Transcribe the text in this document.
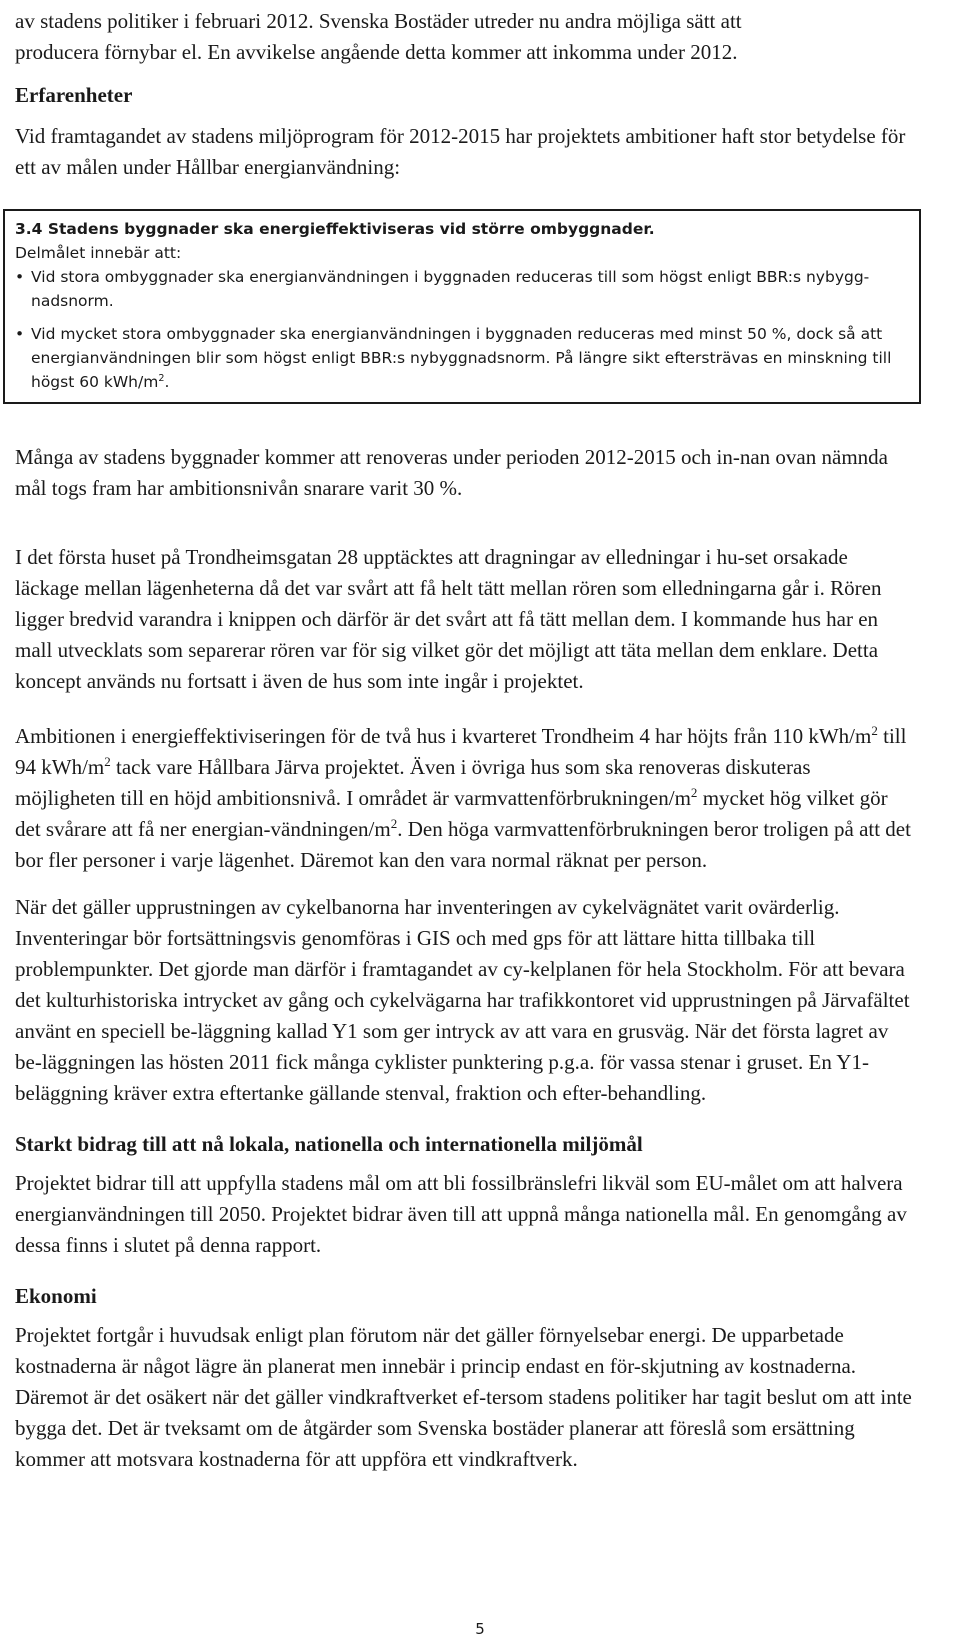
av stadens politiker i februari 2012. Svenska Bostäder utreder nu andra möjliga sätt att
producera förnybar el. En avvikelse angående detta kommer att inkomma under 2012.
Erfarenheter

Vid framtagandet av stadens miljöprogram för 2012-2015 har projektets ambitioner haft stor betydelse för ett av målen under Hållbar energianvändning:

3.4 Stadens byggnader ska energieffektiviseras vid större ombyggnader.

Delmålet innebär att:

• Vid stora ombyggnader ska energianvändningen i byggnaden reduceras till som högst enligt BBR:s nybygg-nadsnorm.

• Vid mycket stora ombyggnader ska energianvändningen i byggnaden reduceras med minst 50 %, dock så att energianvändningen blir som högst enligt BBR:s nybyggnadsnorm. På längre sikt eftersträvas en minskning till högst 60 kWh/$m^2$.

Många av stadens byggnader kommer att renoveras under perioden 2012-2015 och in-nan ovan nämnda mål togs fram har ambitionsnivån snarare varit 30 %.

I det första huset på Trondheimsgatan 28 upptäcktes att dragningar av elledningar i hu-set orsakade läckage mellan lägenheterna då det var svårt att få helt tätt mellan rören som elledningarna går i. Rören ligger bredvid varandra i knippen och därför är det svårt att få tätt mellan dem. I kommande hus har en mall utvecklats som separerar rören var för sig vilket gör det möjligt att täta mellan dem enklare. Detta koncept används nu fortsatt i även de hus som inte ingår i projektet.

Ambitionen i energieffektiviseringen för de två hus i kvarteret Trondheim 4 har höjts från 110 kWh/$m^2$ till 94 kWh/$m^2$ tack vare Hållbara Järva projektet. Även i övriga hus som ska renoveras diskuteras möjligheten till en höjd ambitionsnivå. I området är varmvattenförbrukningen/$m^2$ mycket hög vilket gör det svårare att få ner energian-$vändningen/m^2$. Den höga varmvattenförbrukningen beror troligen på att det bor fler personer i varje lägenhet. Däremot kan den vara normal räknat per person.

När det gäller upprustningen av cykelbanorna har inventeringen av cykelvägnätet varit ovärderlig. Inventeringar bör fortsättningsvis genomföras i GIS och med gps för att lättare hitta tillbaka till problempunkter. Det gjorde man därför i framtagandet av cy-kelplanen för hela Stockholm. För att bevara det kulturhistoriska intrycket av gång och cykelvägarna har trafikkontoret vid upprustningen på Järvafältet använt en speciell be-läggning kallad Y1 som ger intryck av att vara en grusväg. När det första lagret av be-läggningen las hösten 2011 fick många cyklister punktering p.g.a. för vassa stenar i gruset. En Y1-beläggning kräver extra eftertanke gällande stenval, fraktion och efter-behandling.

Starkt bidrag till att nå lokala, nationella och internationella miljömål

Projektet bidrar till att uppfylla stadens mål om att bli fossilbränslefri likväl som EU-målet om att halvera energianvändningen till 2050. Projektet bidrar även till att uppnå många nationella mål. En genomgång av dessa finns i slutet på denna rapport.

Ekonomi

Projektet fortgår i huvudsak enligt plan förutom när det gäller förnyelsebar energi. De upparbetade kostnaderna är något lägre än planerat men innebär i princip endast en för-skjutning av kostnaderna. Däremot är det osäkert när det gäller vindkraftverket ef-tersom stadens politiker har tagit beslut om att inte bygga det. Det är tveksamt om de åtgärder som Svenska bostäder planerar att föreslå som ersättning kommer att motsvara kostnaderna för att uppföra ett vindkraftverk.

5
